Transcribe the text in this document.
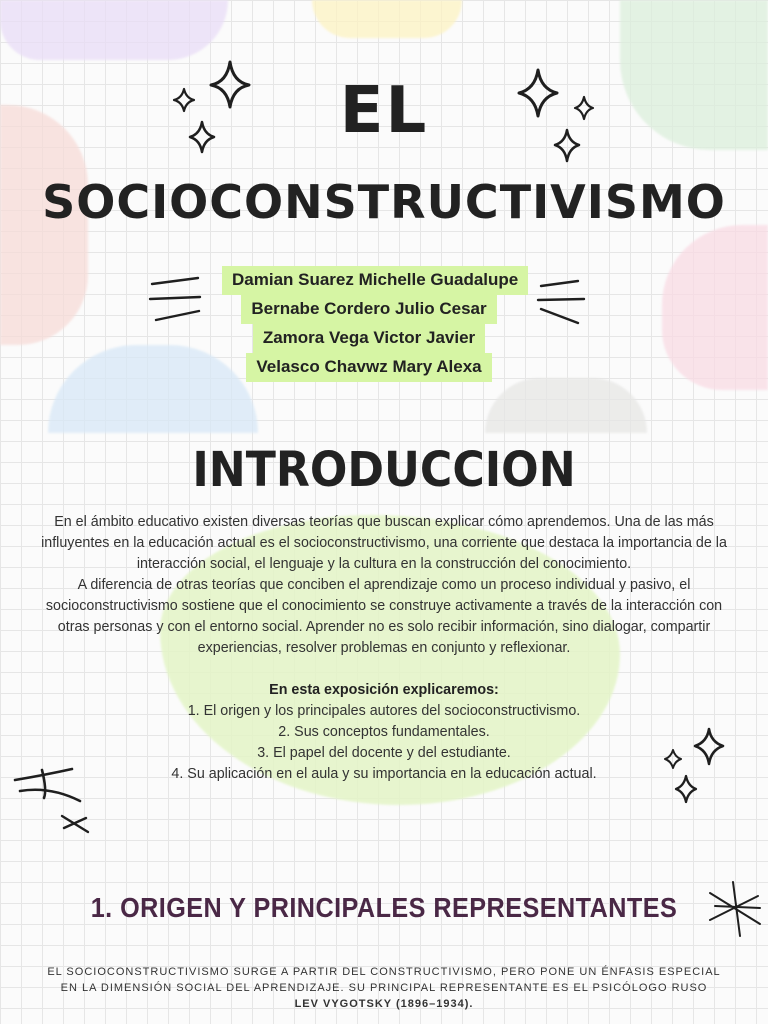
EL
SOCIOCONSTRUCTIVISMO
Damian Suarez Michelle Guadalupe
Bernabe Cordero Julio Cesar
Zamora Vega Victor Javier
Velasco Chavwz Mary Alexa
INTRODUCCION

En el ámbito educativo existen diversas teorías que buscan explicar cómo aprendemos. Una de las más influyentes en la educación actual es el socioconstructivismo, una corriente que destaca la importancia de la interacción social, el lenguaje y la cultura en la construcción del conocimiento.

A diferencia de otras teorías que conciben el aprendizaje como un proceso individual y pasivo, el socioconstructivismo sostiene que el conocimiento se construye activamente a través de la interacción con otras personas y con el entorno social. Aprender no es solo recibir información, sino dialogar, compartir experiencias, resolver problemas en conjunto y reflexionar.

En esta exposición explicaremos:

1. El origen y los principales autores del socioconstructivismo.

2. Sus conceptos fundamentales.

3. El papel del docente y del estudiante.

4. Su aplicación en el aula y su importancia en la educación actual.

1. ORIGEN Y PRINCIPALES REPRESENTANTES
EL SOCIOCONSTRUCTIVISMO SURGE A PARTIR DEL CONSTRUCTIVISMO, PERO PONE UN ÉNFASIS ESPECIAL EN LA DIMENSIÓN SOCIAL DEL APRENDIZAJE. SU PRINCIPAL REPRESENTANTE ES EL PSICÓLOGO RUSO
LEV VYGOTSKY (1896–1934).
